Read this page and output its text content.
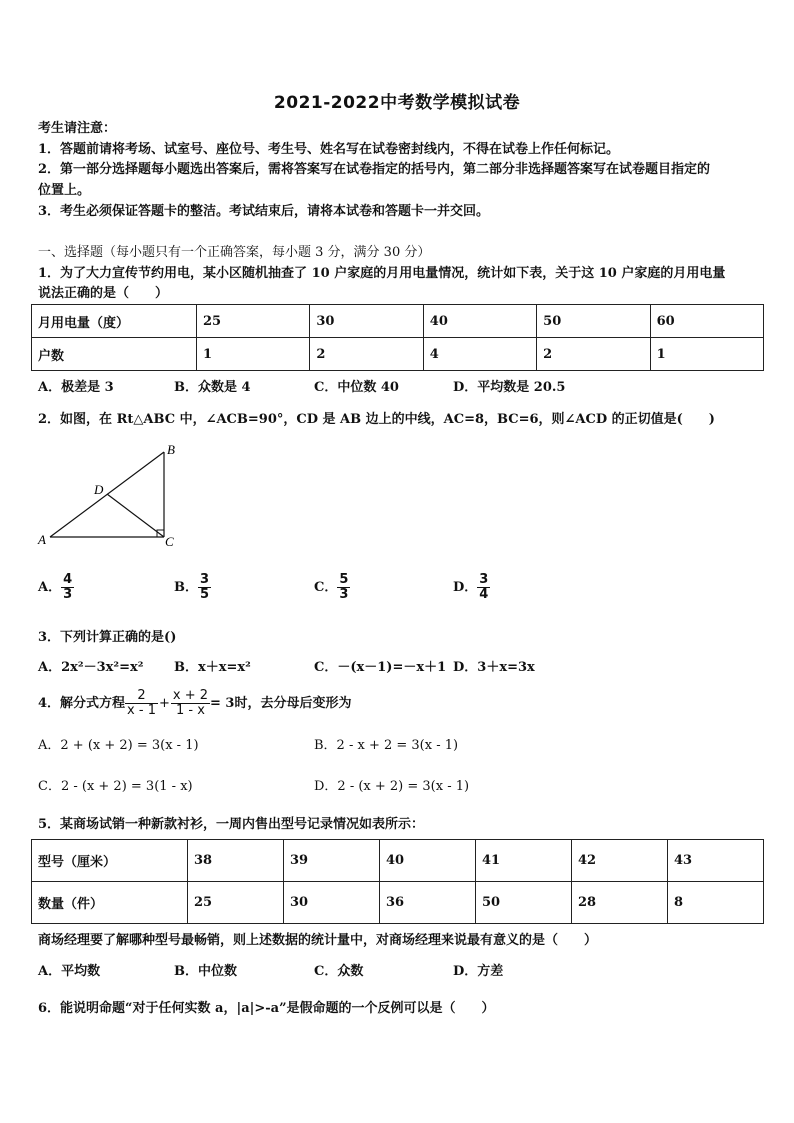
2021-2022中考数学模拟试卷
考生请注意：
1．答题前请将考场、试室号、座位号、考生号、姓名写在试卷密封线内，不得在试卷上作任何标记。
2．第一部分选择题每小题选出答案后，需将答案写在试卷指定的括号内，第二部分非选择题答案写在试卷题目指定的
位置上。
3．考生必须保证答题卡的整洁。考试结束后，请将本试卷和答题卡一并交回。
一、选择题（每小题只有一个正确答案，每小题 3 分，满分 30 分）
1．为了大力宣传节约用电，某小区随机抽查了 10 户家庭的月用电量情况，统计如下表，关于这 10 户家庭的月用电量
说法正确的是（　　）
月用电量（度）	25	30	40	50	60
户数	1	2	4	2	1
A．极差是 3	B．众数是 4	C．中位数 40	D．平均数是 20.5
2．如图，在 Rt△ABC 中，∠ACB=90°，CD 是 AB 边上的中线，AC=8，BC=6，则∠ACD 的正切值是(　　)
A
B
C
D
A． $\frac{4}{3}$	B． $\frac{3}{5}$	C． $\frac{5}{3}$	D． $\frac{3}{4}$
3．下列计算正确的是()
A．2x²－3x²=x² B．x＋x=x²	C．－(x－1)=－x＋1 D．3＋x=3x
4．解分式方程 $\frac{2}{x - 1} + \frac{x + 2}{1 - x} = 3$时，去分母后变形为
A．2 + (x + 2) = 3(x - 1)	B．2 - x + 2 = 3(x - 1)
C．2 - (x + 2) = 3(1 - x)	D．2 - (x + 2) = 3(x - 1)
5．某商场试销一种新款衬衫，一周内售出型号记录情况如表所示：
型号（厘米）	38	39	40	41	42	43
数量（件）	25	30	36	50	28	8
商场经理要了解哪种型号最畅销，则上述数据的统计量中，对商场经理来说最有意义的是（　　）
A．平均数	B．中位数	C．众数	D．方差
6．能说明命题“对于任何实数 a，|a|>-a”是假命题的一个反例可以是（　　）
